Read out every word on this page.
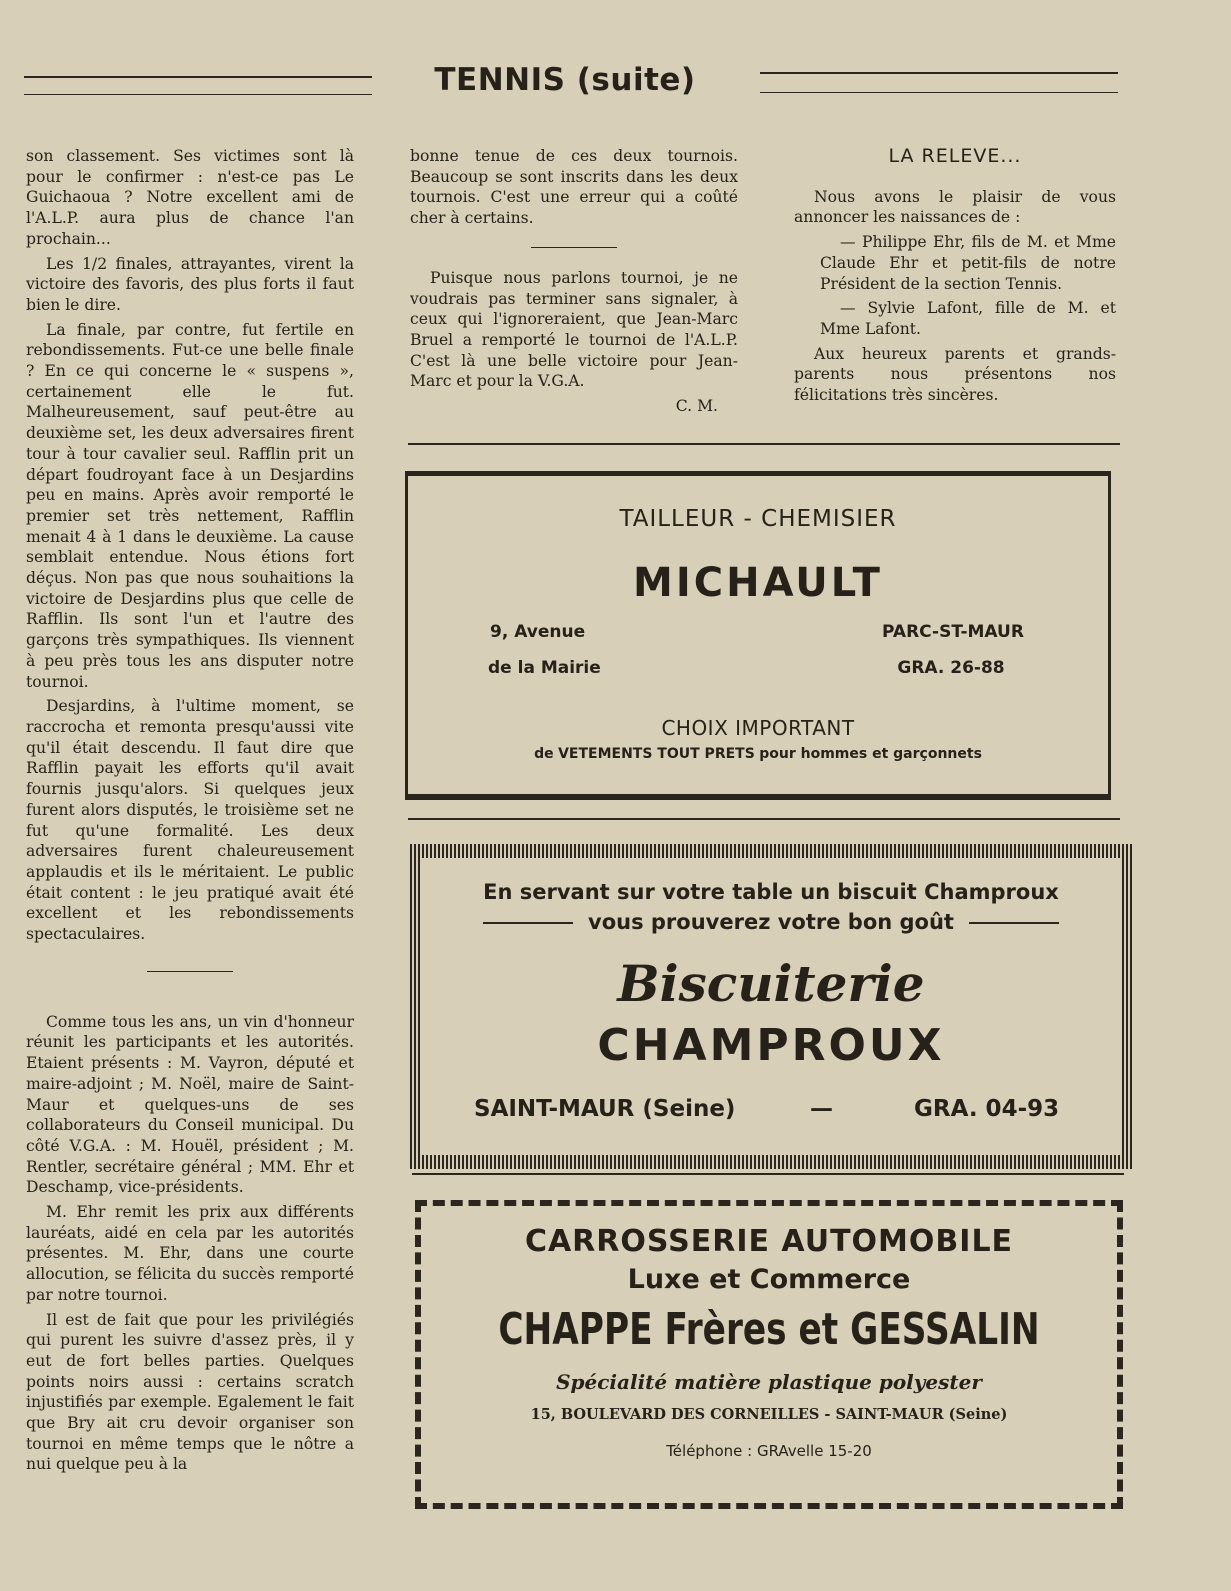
TENNIS (suite)

son classement. Ses victimes sont là pour le confirmer : n'est-ce pas Le Guichaoua ? Notre excellent ami de l'A.L.P. aura plus de chance l'an prochain...

Les 1/2 finales, attrayantes, virent la victoire des favoris, des plus forts il faut bien le dire.

La finale, par contre, fut fertile en rebondissements. Fut-ce une belle finale ? En ce qui concerne le « suspens », certainement elle le fut. Malheureusement, sauf peut-être au deuxième set, les deux adversaires firent tour à tour cavalier seul. Rafflin prit un départ foudroyant face à un Desjardins peu en mains. Après avoir remporté le premier set très nettement, Rafflin menait 4 à 1 dans le deuxième. La cause semblait entendue. Nous étions fort déçus. Non pas que nous souhaitions la victoire de Desjardins plus que celle de Rafflin. Ils sont l'un et l'autre des garçons très sympathiques. Ils viennent à peu près tous les ans disputer notre tournoi.

Desjardins, à l'ultime moment, se raccrocha et remonta presqu'aussi vite qu'il était descendu. Il faut dire que Rafflin payait les efforts qu'il avait fournis jusqu'alors. Si quelques jeux furent alors disputés, le troisième set ne fut qu'une formalité. Les deux adversaires furent chaleureusement applaudis et ils le méritaient. Le public était content : le jeu pratiqué avait été excellent et les rebondissements spectaculaires.

Comme tous les ans, un vin d'honneur réunit les participants et les autorités. Etaient présents : M. Vayron, député et maire-adjoint ; M. Noël, maire de Saint-Maur et quelques-uns de ses collaborateurs du Conseil municipal. Du côté V.G.A. : M. Houël, président ; M. Rentler, secrétaire général ; MM. Ehr et Deschamp, vice-présidents.

M. Ehr remit les prix aux différents lauréats, aidé en cela par les autorités présentes. M. Ehr, dans une courte allocution, se félicita du succès remporté par notre tournoi.

Il est de fait que pour les privilégiés qui purent les suivre d'assez près, il y eut de fort belles parties. Quelques points noirs aussi : certains scratch injustifiés par exemple. Egalement le fait que Bry ait cru devoir organiser son tournoi en même temps que le nôtre a nui quelque peu à la

bonne tenue de ces deux tournois. Beaucoup se sont inscrits dans les deux tournois. C'est une erreur qui a coûté cher à certains.

Puisque nous parlons tournoi, je ne voudrais pas terminer sans signaler, à ceux qui l'ignoreraient, que Jean-Marc Bruel a remporté le tournoi de l'A.L.P. C'est là une belle victoire pour Jean-Marc et pour la V.G.A.

C. M.
LA RELEVE...

Nous avons le plaisir de vous annoncer les naissances de :

— Philippe Ehr, fils de M. et Mme Claude Ehr et petit-fils de notre Président de la section Tennis.

— Sylvie Lafont, fille de M. et Mme Lafont.

Aux heureux parents et grands-parents nous présentons nos félicitations très sincères.

TAILLEUR - CHEMISIER
MICHAULT
9, Avenue
de la Mairie
PARC-ST-MAUR
GRA. 26-88
CHOIX IMPORTANT
de VETEMENTS TOUT PRETS pour hommes et garçonnets
En servant sur votre table un biscuit Champroux
vous prouverez votre bon goût
Biscuiterie
CHAMPROUX
SAINT-MAUR (Seine)	—	GRA. 04-93
CARROSSERIE AUTOMOBILE
Luxe et Commerce
CHAPPE Frères et GESSALIN
Spécialité matière plastique polyester
15, BOULEVARD DES CORNEILLES - SAINT-MAUR (Seine)
Téléphone : GRAvelle 15-20
